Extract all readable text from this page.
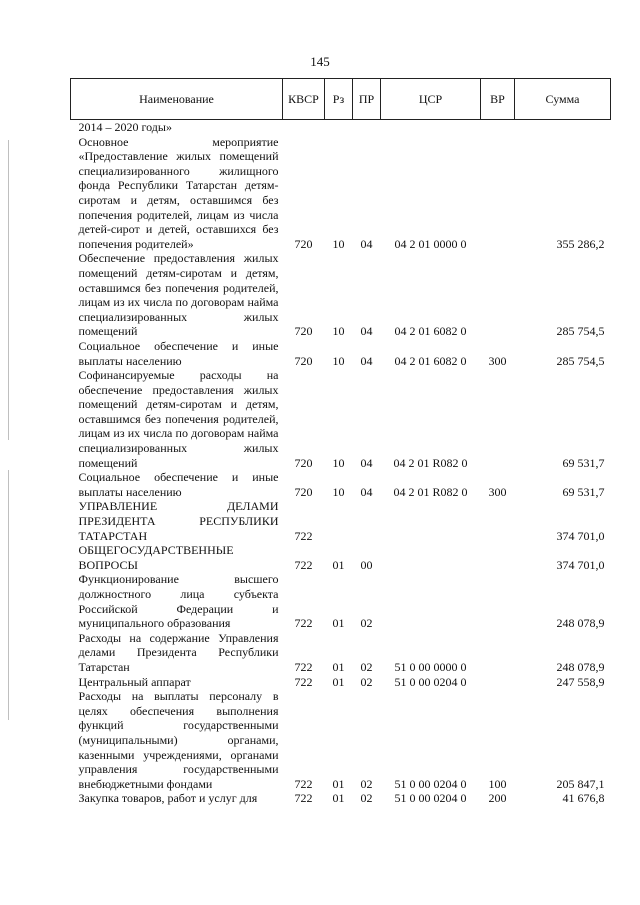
145
Наименование	КВСР	Рз	ПР	ЦСР	ВР	Сумма
2014 – 2020 годы»						
Основное мероприятие «Предоставление жилых помещений специализированного жилищного фонда Республики Татарстан детям-сиротам и детям, оставшимся без попечения родителей, лицам из числа детей-сирот и детей, оставшихся без попечения родителей»	720	10	04	04 2 01 0000 0		355 286,2
Обеспечение предоставления жилых помещений детям-сиротам и детям, оставшимся без попечения родителей, лицам из их числа по договорам найма специализированных жилых помещений	720	10	04	04 2 01 6082 0		285 754,5
Социальное обеспечение и иные выплаты населению	720	10	04	04 2 01 6082 0	300	285 754,5
Софинансируемые расходы на обеспечение предоставления жилых помещений детям-сиротам и детям, оставшимся без попечения родителей, лицам из их числа по договорам найма специализированных жилых помещений	720	10	04	04 2 01 R082 0		69 531,7
Социальное обеспечение и иные выплаты населению	720	10	04	04 2 01 R082 0	300	69 531,7
УПРАВЛЕНИЕ ДЕЛАМИ ПРЕЗИДЕНТА РЕСПУБЛИКИ ТАТАРСТАН	722					374 701,0
ОБЩЕГОСУДАРСТВЕННЫЕ ВОПРОСЫ	722	01	00			374 701,0
Функционирование высшего должностного лица субъекта Российской Федерации и муниципального образования	722	01	02			248 078,9
Расходы на содержание Управления делами Президента Республики Татарстан	722	01	02	51 0 00 0000 0		248 078,9
Центральный аппарат	722	01	02	51 0 00 0204 0		247 558,9
Расходы на выплаты персоналу в целях обеспечения выполнения функций государственными (муниципальными) органами, казенными учреждениями, органами управления государственными внебюджетными фондами	722	01	02	51 0 00 0204 0	100	205 847,1
Закупка товаров, работ и услуг для	722	01	02	51 0 00 0204 0	200	41 676,8
